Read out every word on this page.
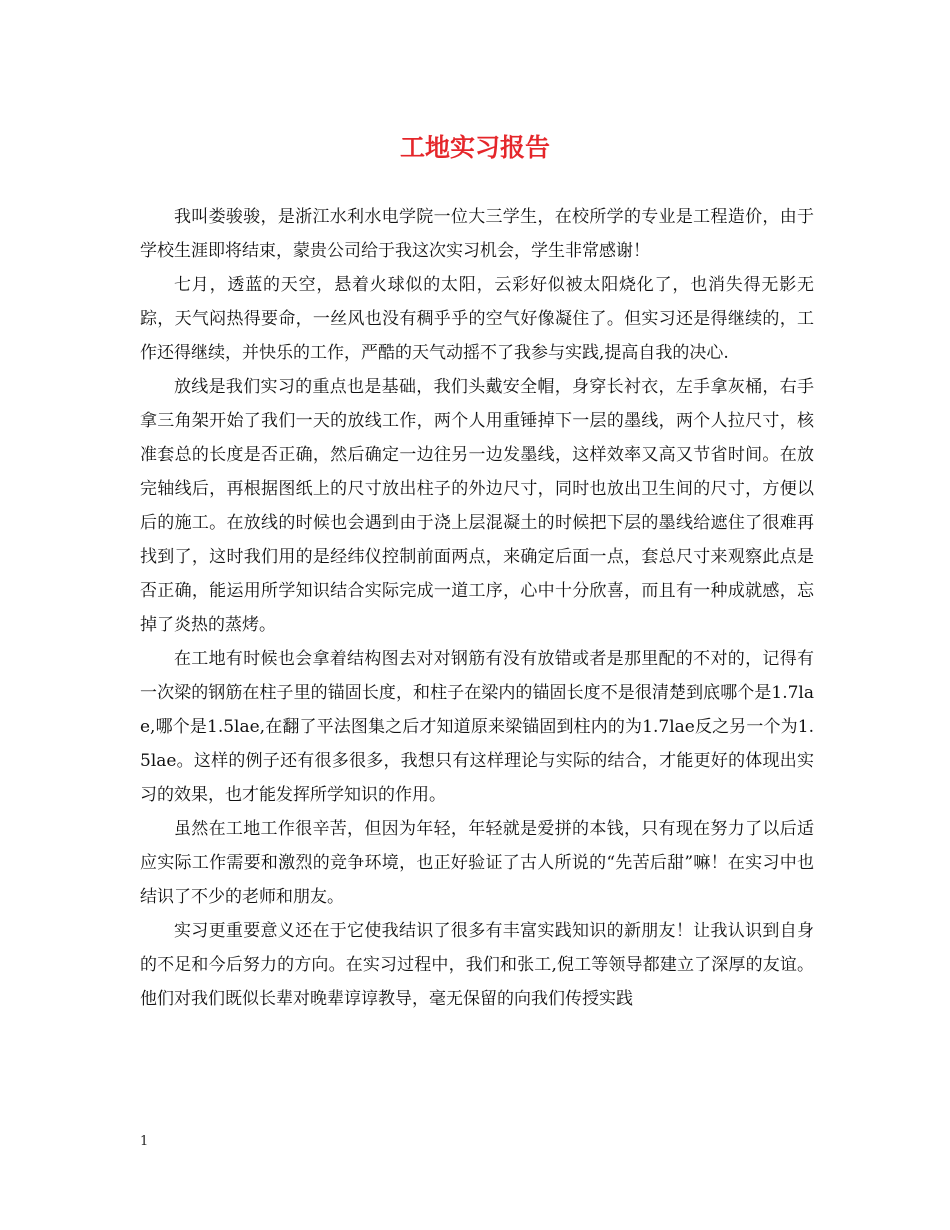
工地实习报告

我叫娄骏骏，是浙江水利水电学院一位大三学生，在校所学的专业是工程造价，由于学校生涯即将结束，蒙贵公司给于我这次实习机会，学生非常感谢！

七月，透蓝的天空，悬着火球似的太阳，云彩好似被太阳烧化了，也消失得无影无踪，天气闷热得要命，一丝风也没有稠乎乎的空气好像凝住了。但实习还是得继续的，工作还得继续，并快乐的工作，严酷的天气动摇不了我参与实践,提高自我的决心.

放线是我们实习的重点也是基础，我们头戴安全帽，身穿长衬衣，左手拿灰桶，右手拿三角架开始了我们一天的放线工作，两个人用重锤掉下一层的墨线，两个人拉尺寸，核准套总的长度是否正确，然后确定一边往另一边发墨线，这样效率又高又节省时间。在放完轴线后，再根据图纸上的尺寸放出柱子的外边尺寸，同时也放出卫生间的尺寸，方便以后的施工。在放线的时候也会遇到由于浇上层混凝土的时候把下层的墨线给遮住了很难再找到了，这时我们用的是经纬仪控制前面两点，来确定后面一点，套总尺寸来观察此点是否正确，能运用所学知识结合实际完成一道工序，心中十分欣喜，而且有一种成就感，忘掉了炎热的蒸烤。

在工地有时候也会拿着结构图去对对钢筋有没有放错或者是那里配的不对的，记得有一次梁的钢筋在柱子里的锚固长度，和柱子在梁内的锚固长度不是很清楚到底哪个是1.7lae,哪个是1.5lae,在翻了平法图集之后才知道原来梁锚固到柱内的为1.7lae反之另一个为1.5lae。这样的例子还有很多很多，我想只有这样理论与实际的结合，才能更好的体现出实习的效果，也才能发挥所学知识的作用。

虽然在工地工作很辛苦，但因为年轻，年轻就是爱拼的本钱，只有现在努力了以后适应实际工作需要和激烈的竞争环境，也正好验证了古人所说的“先苦后甜”嘛！在实习中也结识了不少的老师和朋友。

实习更重要意义还在于它使我结识了很多有丰富实践知识的新朋友！让我认识到自身的不足和今后努力的方向。在实习过程中，我们和张工,倪工等领导都建立了深厚的友谊。他们对我们既似长辈对晚辈谆谆教导，毫无保留的向我们传授实践

1
